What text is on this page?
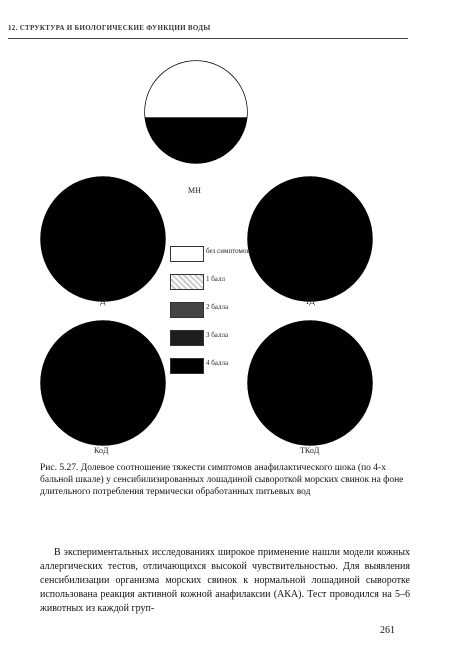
12. СТРУКТУРА И БИОЛОГИЧЕСКИЕ ФУНКЦИИ ВОДЫ
МН
Д	ТД
КоД	ТКоД
без симптомов
1 балл
2 балла
3 балла
4 балла
Рис. 5.27. Долевое соотношение тяжести симптомов анафилактического шока (по 4-х бальной шкале) у сенсибилизированных лошадиной сывороткой морских свинок на фоне длительного потребления термически обработанных питьевых вод

В экспериментальных исследованиях широкое применение нашли модели кожных аллергических тестов, отличающихся высокой чувствительностью. Для выявления сенсибилизации организма морских свинок к нормальной лошадиной сыворотке использована реакция активной кожной анафилаксии (АКА). Тест проводился на 5–6 животных из каждой груп-

261
